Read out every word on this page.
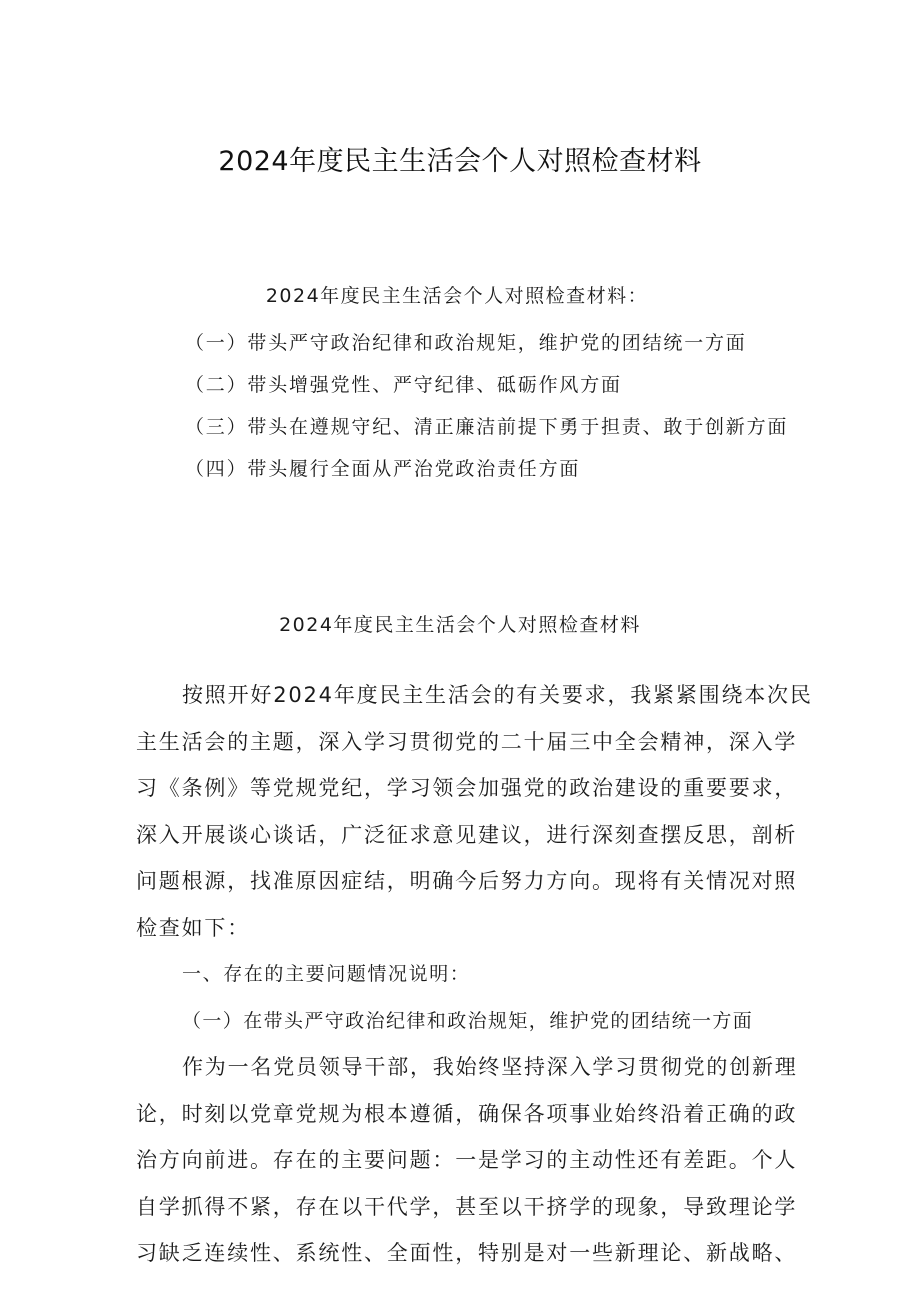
2024年度民主生活会个人对照检查材料
2024年度民主生活会个人对照检查材料：
（一）带头严守政治纪律和政治规矩，维护党的团结统一方面
（二）带头增强党性、严守纪律、砥砺作风方面
（三）带头在遵规守纪、清正廉洁前提下勇于担责、敢于创新方面
（四）带头履行全面从严治党政治责任方面
2024年度民主生活会个人对照检查材料

按照开好2024年度民主生活会的有关要求，我紧紧围绕本次民

主生活会的主题，深入学习贯彻党的二十届三中全会精神，深入学

习《条例》等党规党纪，学习领会加强党的政治建设的重要要求，

深入开展谈心谈话，广泛征求意见建议，进行深刻查摆反思，剖析

问题根源，找准原因症结，明确今后努力方向。现将有关情况对照

检查如下：

一、存在的主要问题情况说明：

（一）在带头严守政治纪律和政治规矩，维护党的团结统一方面

作为一名党员领导干部，我始终坚持深入学习贯彻党的创新理

论，时刻以党章党规为根本遵循，确保各项事业始终沿着正确的政

治方向前进。存在的主要问题：一是学习的主动性还有差距。个人

自学抓得不紧，存在以干代学，甚至以干挤学的现象，导致理论学

习缺乏连续性、系统性、全面性，特别是对一些新理论、新战略、
